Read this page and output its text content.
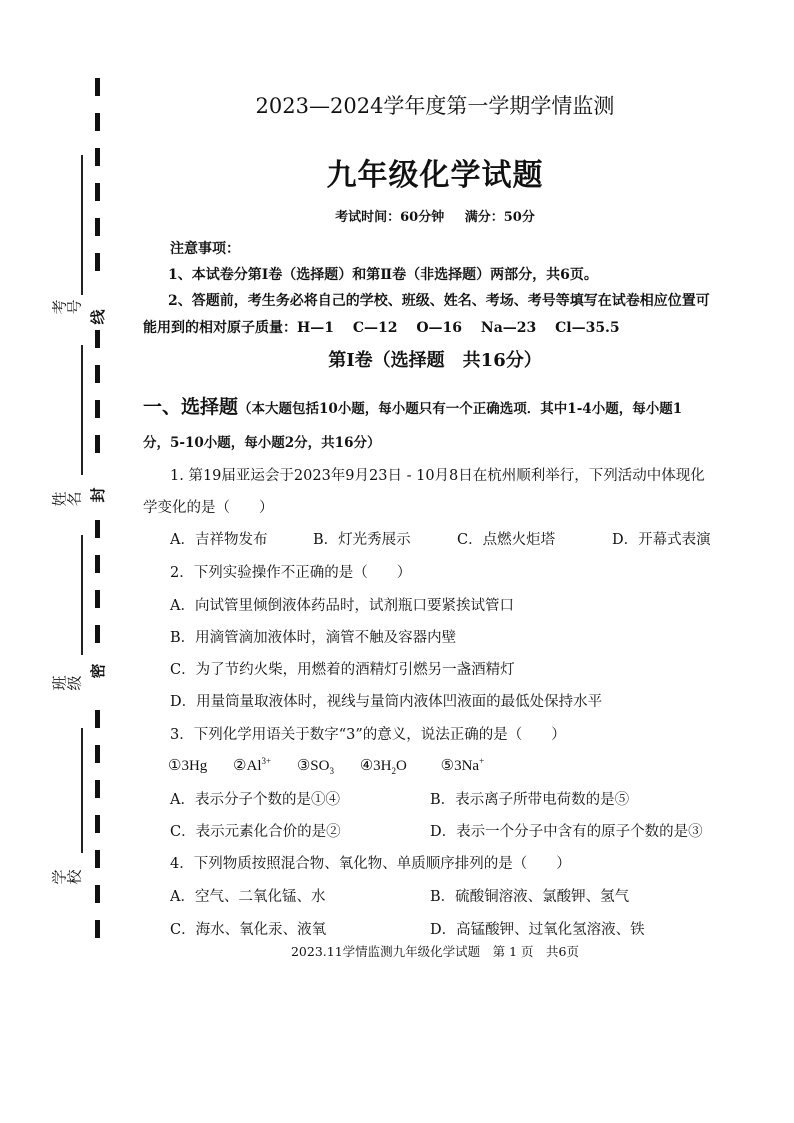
线
封
密
考号
姓名
班级
学校
2023—2024学年度第一学期学情监测
九年级化学试题
考试时间：60分钟 满分：50分
注意事项：
1、本试卷分第Ⅰ卷（选择题）和第Ⅱ卷（非选择题）两部分，共6页。
2、答题前，考生务必将自己的学校、班级、姓名、考场、考号等填写在试卷相应位置可
能用到的相对原子质量：H—1　 C—12　 O—16　 Na—23　 Cl—35.5
第Ⅰ卷（选择题　共16分）
一、选择题（本大题包括10小题，每小题只有一个正确选项．其中1-4小题，每小题1
分，5-10小题，每小题2分，共16分）
1. 第19届亚运会于2023年9月23日 - 10月8日在杭州顺利举行，下列活动中体现化
学变化的是（　　）
A．吉祥物发布	B．灯光秀展示	C．点燃火炬塔	D．开幕式表演
2．下列实验操作不正确的是（　　）
A．向试管里倾倒液体药品时，试剂瓶口要紧挨试管口
B．用滴管滴加液体时，滴管不触及容器内壁
C．为了节约火柴，用燃着的酒精灯引燃另一盏酒精灯
D．用量筒量取液体时，视线与量筒内液体凹液面的最低处保持水平
3．下列化学用语关于数字“3”的意义，说法正确的是（　　）
①3Hg $②Al^{3+}$ $③SO_3$ $④3H_2O$ ⑤3Na+
A．表示分子个数的是①④	B．表示离子所带电荷数的是⑤
C．表示元素化合价的是②	D．表示一个分子中含有的原子个数的是③
4．下列物质按照混合物、氧化物、单质顺序排列的是（　　）
A．空气、二氧化锰、水	B．硫酸铜溶液、氯酸钾、氢气
C．海水、氧化汞、液氧	D．高锰酸钾、过氧化氢溶液、铁
2023.11学情监测九年级化学试题　第 1 页　共6页
